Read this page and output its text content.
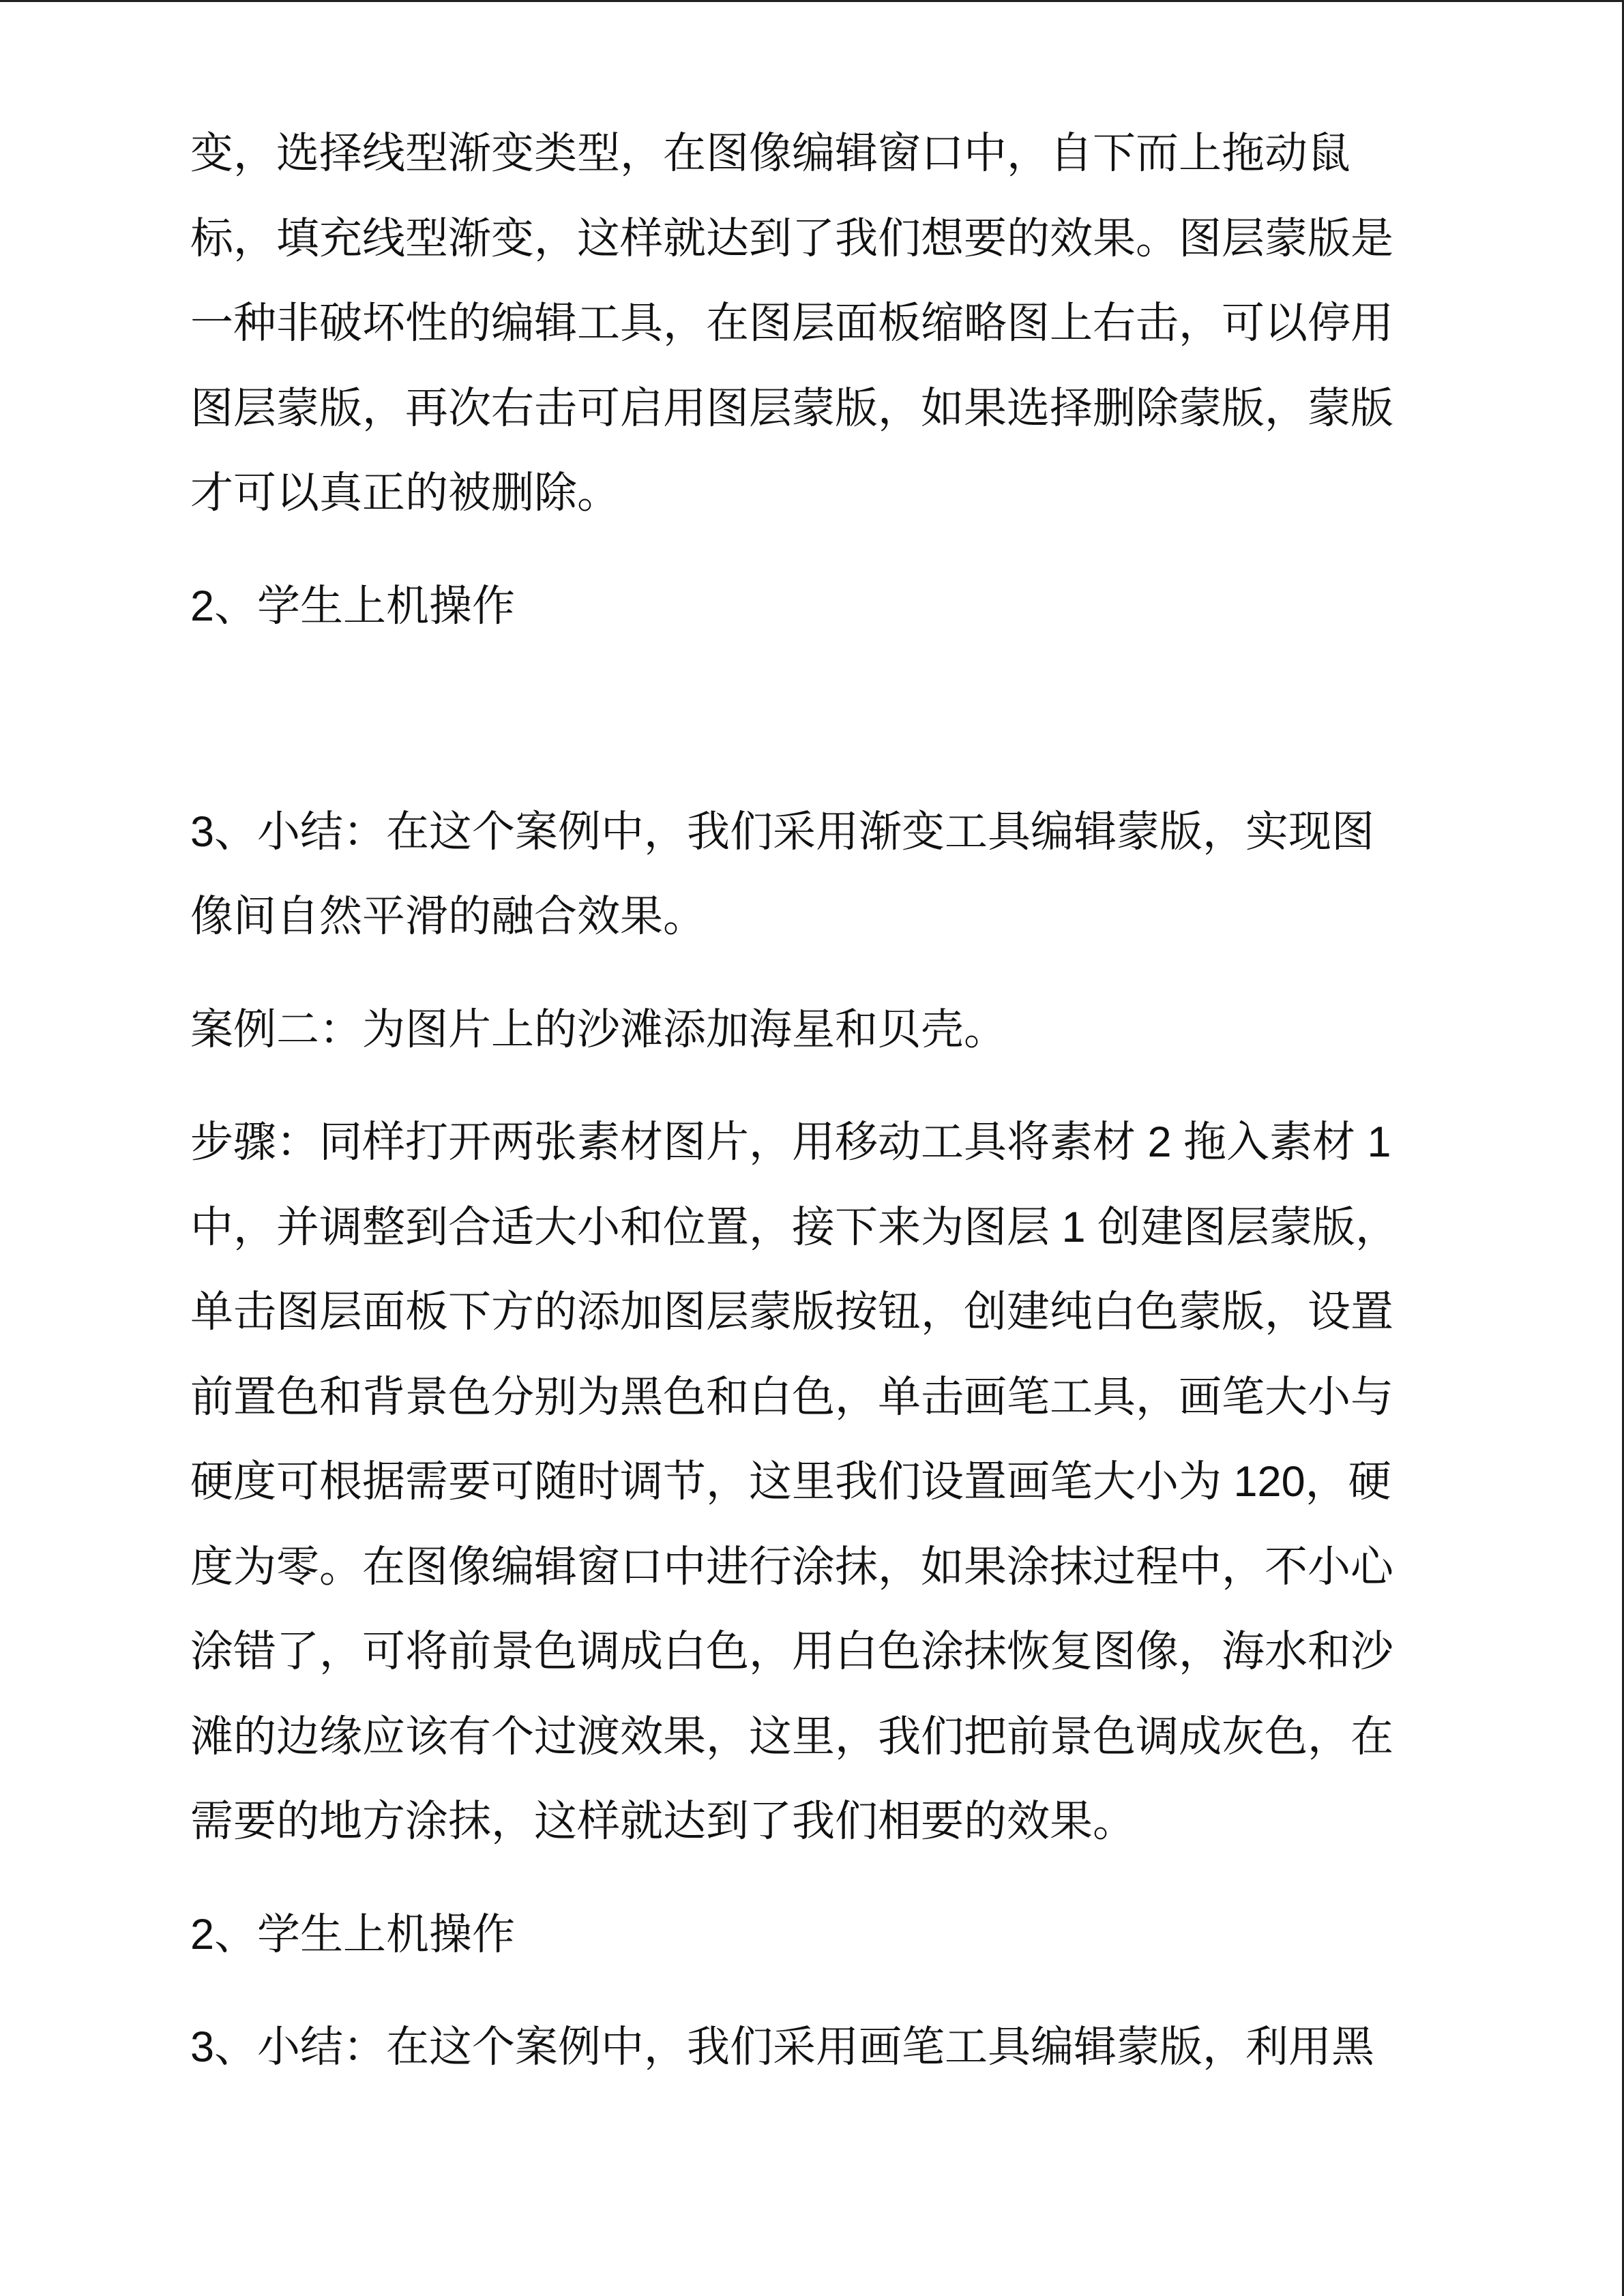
变，选择线型渐变类型，在图像编辑窗口中，自下而上拖动鼠
标，填充线型渐变，这样就达到了我们想要的效果。图层蒙版是
一种非破坏性的编辑工具，在图层面板缩略图上右击，可以停用
图层蒙版，再次右击可启用图层蒙版，如果选择删除蒙版，蒙版
才可以真正的被删除。
2、学生上机操作
3、小结：在这个案例中，我们采用渐变工具编辑蒙版，实现图
像间自然平滑的融合效果。
案例二：为图片上的沙滩添加海星和贝壳。
步骤：同样打开两张素材图片，用移动工具将素材 2 拖入素材 1
中，并调整到合适大小和位置，接下来为图层 1 创建图层蒙版，
单击图层面板下方的添加图层蒙版按钮，创建纯白色蒙版，设置
前置色和背景色分别为黑色和白色，单击画笔工具，画笔大小与
硬度可根据需要可随时调节，这里我们设置画笔大小为 120，硬
度为零。在图像编辑窗口中进行涂抹，如果涂抹过程中，不小心
涂错了，可将前景色调成白色，用白色涂抹恢复图像，海水和沙
滩的边缘应该有个过渡效果，这里，我们把前景色调成灰色，在
需要的地方涂抹，这样就达到了我们相要的效果。
2、学生上机操作
3、小结：在这个案例中，我们采用画笔工具编辑蒙版，利用黑
